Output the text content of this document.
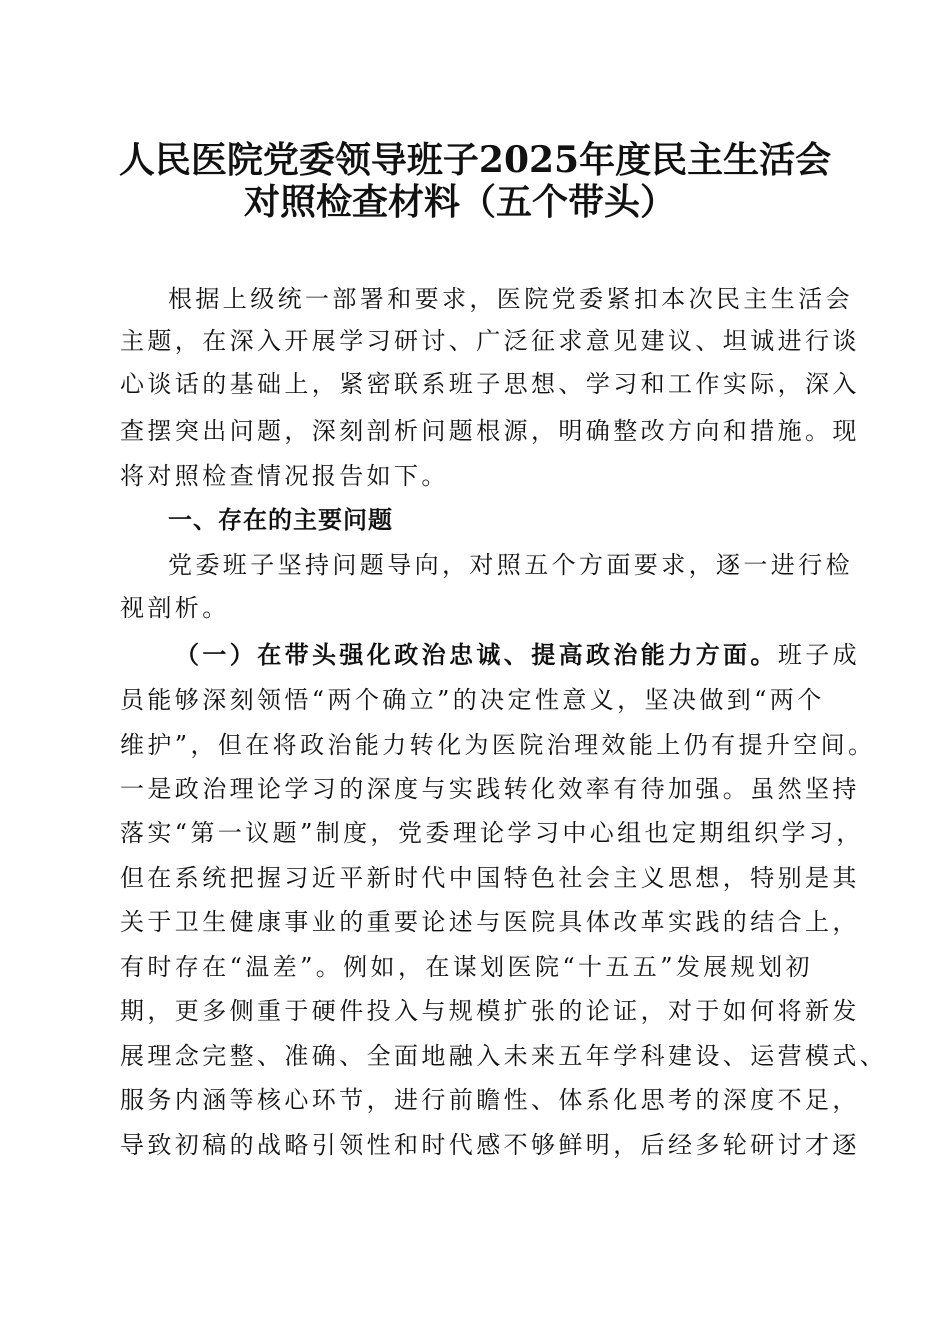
人民医院党委领导班子2025年度民主生活会
对照检查材料（五个带头）
根据上级统一部署和要求，医院党委紧扣本次民主生活会
主题，在深入开展学习研讨、广泛征求意见建议、坦诚进行谈
心谈话的基础上，紧密联系班子思想、学习和工作实际，深入
查摆突出问题，深刻剖析问题根源，明确整改方向和措施。现
将对照检查情况报告如下。
一、存在的主要问题
党委班子坚持问题导向，对照五个方面要求，逐一进行检
视剖析。
（一）在带头强化政治忠诚、提高政治能力方面。班子成
员能够深刻领悟“两个确立”的决定性意义，坚决做到“两个
维护”，但在将政治能力转化为医院治理效能上仍有提升空间。
一是政治理论学习的深度与实践转化效率有待加强。虽然坚持
落实“第一议题”制度，党委理论学习中心组也定期组织学习，
但在系统把握习近平新时代中国特色社会主义思想，特别是其
关于卫生健康事业的重要论述与医院具体改革实践的结合上，
有时存在“温差”。例如，在谋划医院“十五五”发展规划初
期，更多侧重于硬件投入与规模扩张的论证，对于如何将新发
展理念完整、准确、全面地融入未来五年学科建设、运营模式、
服务内涵等核心环节，进行前瞻性、体系化思考的深度不足，
导致初稿的战略引领性和时代感不够鲜明，后经多轮研讨才逐
